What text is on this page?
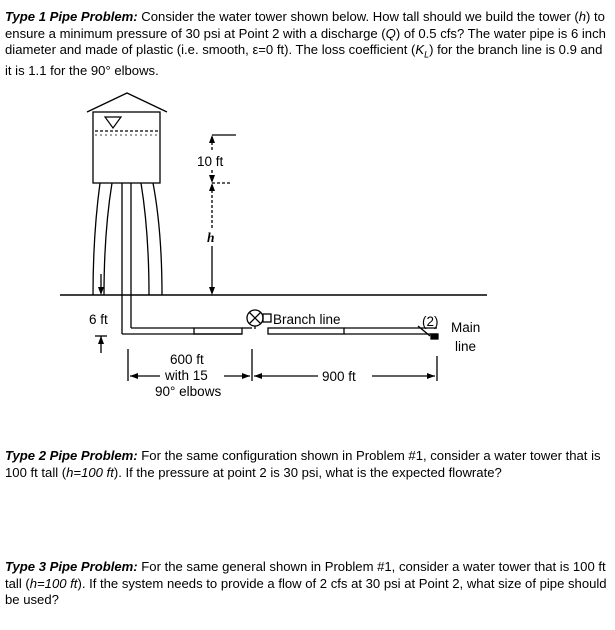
Type 1 Pipe Problem: Consider the water tower shown below. How tall should we build the tower (h) to ensure a minimum pressure of 30 psi at Point 2 with a discharge (Q) of 0.5 cfs? The water pipe is 6 inch diameter and made of plastic (i.e. smooth, ε=0 ft). The loss coefficient $(K_L)$ for the branch line is 0.9 and it is 1.1 for the 90° elbows.

10 ft
h
6 ft	Branch line	(2) Main
line
600 ft
with 15
90° elbows
900 ft

Type 2 Pipe Problem: For the same configuration shown in Problem #1, consider a water tower that is 100 ft tall (h=100 ft). If the pressure at point 2 is 30 psi, what is the expected flowrate?

Type 3 Pipe Problem: For the same general shown in Problem #1, consider a water tower that is 100 ft tall (h=100 ft). If the system needs to provide a flow of 2 cfs at 30 psi at Point 2, what size of pipe should be used?
